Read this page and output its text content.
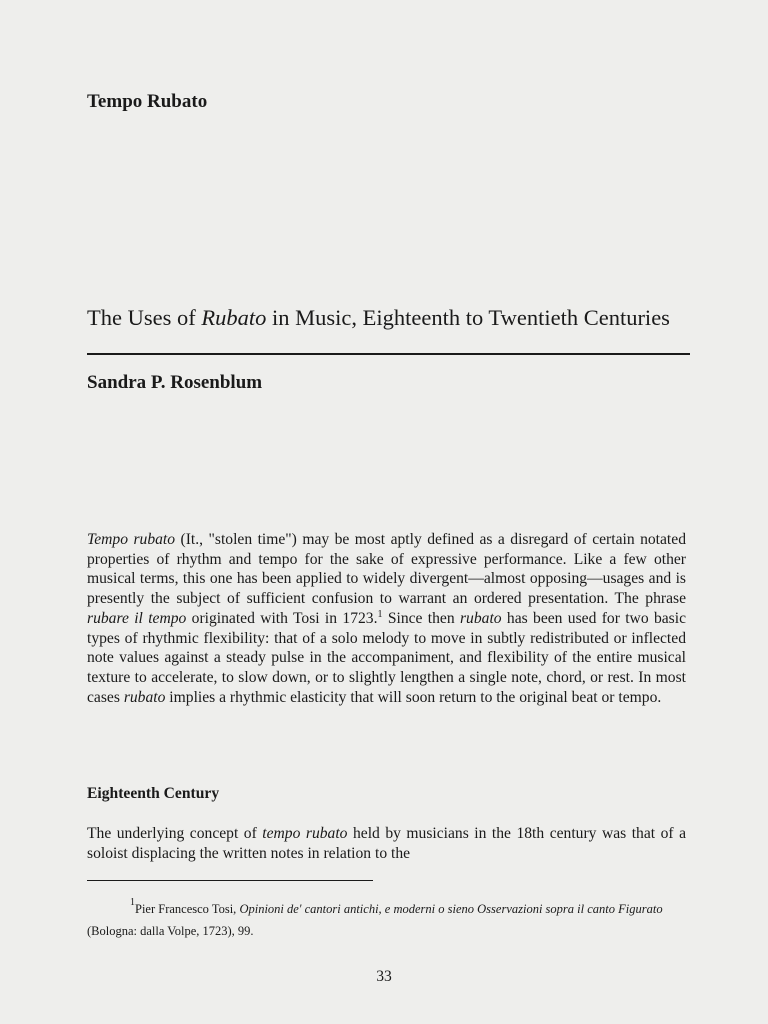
Tempo Rubato
The Uses of Rubato in Music, Eighteenth to Twentieth Centuries
Sandra P. Rosenblum

Tempo rubato (It., "stolen time") may be most aptly defined as a disregard of certain notated properties of rhythm and tempo for the sake of expressive performance. Like a few other musical terms, this one has been applied to widely divergent—almost opposing—usages and is presently the subject of sufficient confusion to warrant an ordered presentation. The phrase rubare il tempo originated with Tosi in 1723.$^1$ Since then rubato has been used for two basic types of rhythmic flexibility: that of a solo melody to move in subtly redistributed or inflected note values against a steady pulse in the accompaniment, and flexibility of the entire musical texture to accelerate, to slow down, or to slightly lengthen a single note, chord, or rest. In most cases rubato implies a rhythmic elasticity that will soon return to the original beat or tempo.

Eighteenth Century

The underlying concept of tempo rubato held by musicians in the 18th century was that of a soloist displacing the written notes in relation to the

$^1$Pier Francesco Tosi, Opinioni de' cantori antichi, e moderni o sieno Osservazioni sopra il canto Figurato (Bologna: dalla Volpe, 1723), 99.

33
